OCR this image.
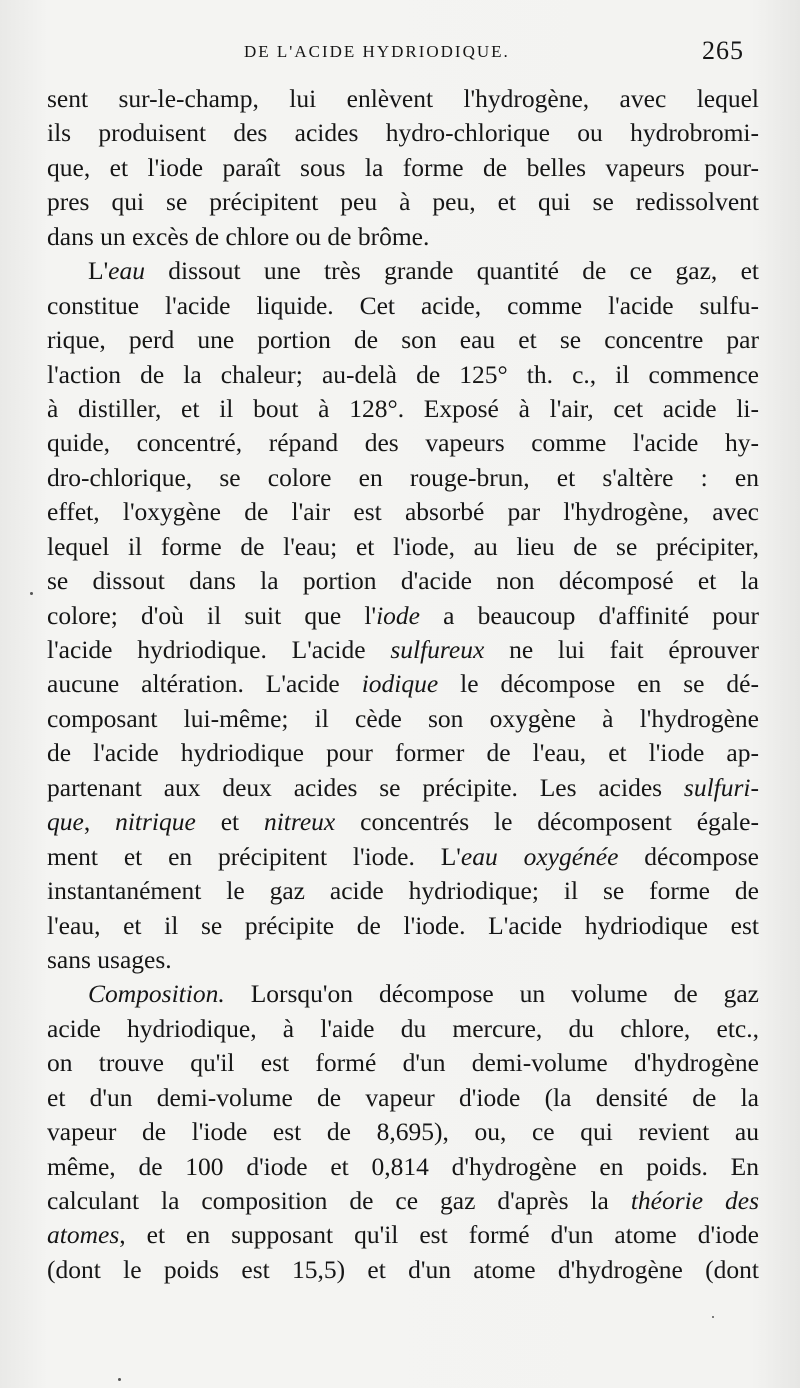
DE L'ACIDE HYDRIODIQUE.	265
sent sur-le-champ, lui enlèvent l'hydrogène, avec lequel
ils produisent des acides hydro-chlorique ou hydrobromi-
que, et l'iode paraît sous la forme de belles vapeurs pour-
pres qui se précipitent peu à peu, et qui se redissolvent
dans un excès de chlore ou de brôme.
L'eau dissout une très grande quantité de ce gaz, et
constitue l'acide liquide. Cet acide, comme l'acide sulfu-
rique, perd une portion de son eau et se concentre par
l'action de la chaleur; au-delà de 125° th. c., il commence
à distiller, et il bout à 128°. Exposé à l'air, cet acide li-
quide, concentré, répand des vapeurs comme l'acide hy-
dro-chlorique, se colore en rouge-brun, et s'altère : en
effet, l'oxygène de l'air est absorbé par l'hydrogène, avec
lequel il forme de l'eau; et l'iode, au lieu de se précipiter,
se dissout dans la portion d'acide non décomposé et la
colore; d'où il suit que l'iode a beaucoup d'affinité pour
l'acide hydriodique. L'acide sulfureux ne lui fait éprouver
aucune altération. L'acide iodique le décompose en se dé-
composant lui-même; il cède son oxygène à l'hydrogène
de l'acide hydriodique pour former de l'eau, et l'iode ap-
partenant aux deux acides se précipite. Les acides sulfuri-
que, nitrique et nitreux concentrés le décomposent égale-
ment et en précipitent l'iode. L'eau oxygénée décompose
instantanément le gaz acide hydriodique; il se forme de
l'eau, et il se précipite de l'iode. L'acide hydriodique est
sans usages.
Composition. Lorsqu'on décompose un volume de gaz
acide hydriodique, à l'aide du mercure, du chlore, etc.,
on trouve qu'il est formé d'un demi-volume d'hydrogène
et d'un demi-volume de vapeur d'iode (la densité de la
vapeur de l'iode est de 8,695), ou, ce qui revient au
même, de 100 d'iode et 0,814 d'hydrogène en poids. En
calculant la composition de ce gaz d'après la théorie des
atomes, et en supposant qu'il est formé d'un atome d'iode
(dont le poids est 15,5) et d'un atome d'hydrogène (dont
